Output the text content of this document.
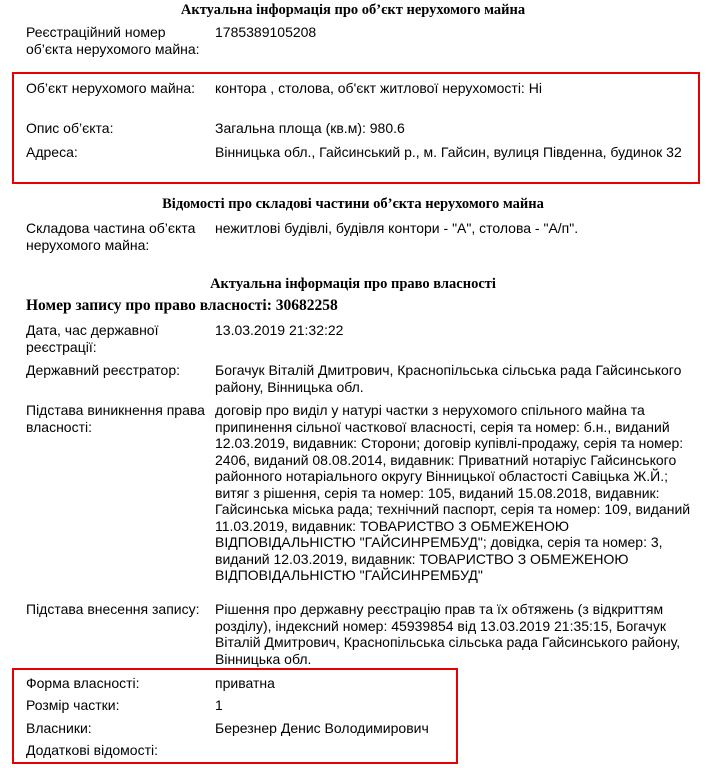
Актуальна інформація про об’єкт нерухомого майна
Реєстраційний номер об’єкта нерухомого майна:
1785389105208
Об’єкт нерухомого майна:	контора , столова, об'єкт житлової нерухомості: Ні
Опис об’єкта:	Загальна площа (кв.м): 980.6
Адреса:	Вінницька обл., Гайсинський р., м. Гайсин, вулиця Південна, будинок 32
Відомості про складові частини об’єкта нерухомого майна
Складова частина об’єкта нерухомого майна:
нежитлові будівлі, будівля контори - "А", столова - "А/п".
Актуальна інформація про право власності
Номер запису про право власності: 30682258
Дата, час державної реєстрації:
13.03.2019 21:32:22
Державний реєстратор:	Богачук Віталій Дмитрович, Краснопільська сільська рада Гайсинського району, Вінницька обл.
Підстава виникнення права власності:
договір про виділ у натурі частки з нерухомого спільного майна та припинення сільної часткової власності, серія та номер: б.н., виданий 12.03.2019, видавник: Сторони; договір купівлі-продажу, серія та номер: 2406, виданий 08.08.2014, видавник: Приватний нотаріус Гайсинського районного нотаріального округу Вінницької областості Савіцька Ж.Й.; витяг з рішення, серія та номер: 105, виданий 15.08.2018, видавник: Гайсинська міська рада; технічний паспорт, серія та номер: 109, виданий 11.03.2019, видавник: ТОВАРИСТВО З ОБМЕЖЕНОЮ ВІДПОВІДАЛЬНІСТЮ "ГАЙСИНРЕМБУД"; довідка, серія та номер: 3, виданий 12.03.2019, видавник: ТОВАРИСТВО З ОБМЕЖЕНОЮ ВІДПОВІДАЛЬНІСТЮ "ГАЙСИНРЕМБУД"
Підстава внесення запису:	Рішення про державну реєстрацію прав та їх обтяжень (з відкриттям розділу), індексний номер: 45939854 від 13.03.2019 21:35:15, Богачук Віталій Дмитрович, Краснопільська сільська рада Гайсинського району, Вінницька обл.
Форма власності:	приватна
Розмір частки:	1
Власники:	Березнер Денис Володимирович
Додаткові відомості:
